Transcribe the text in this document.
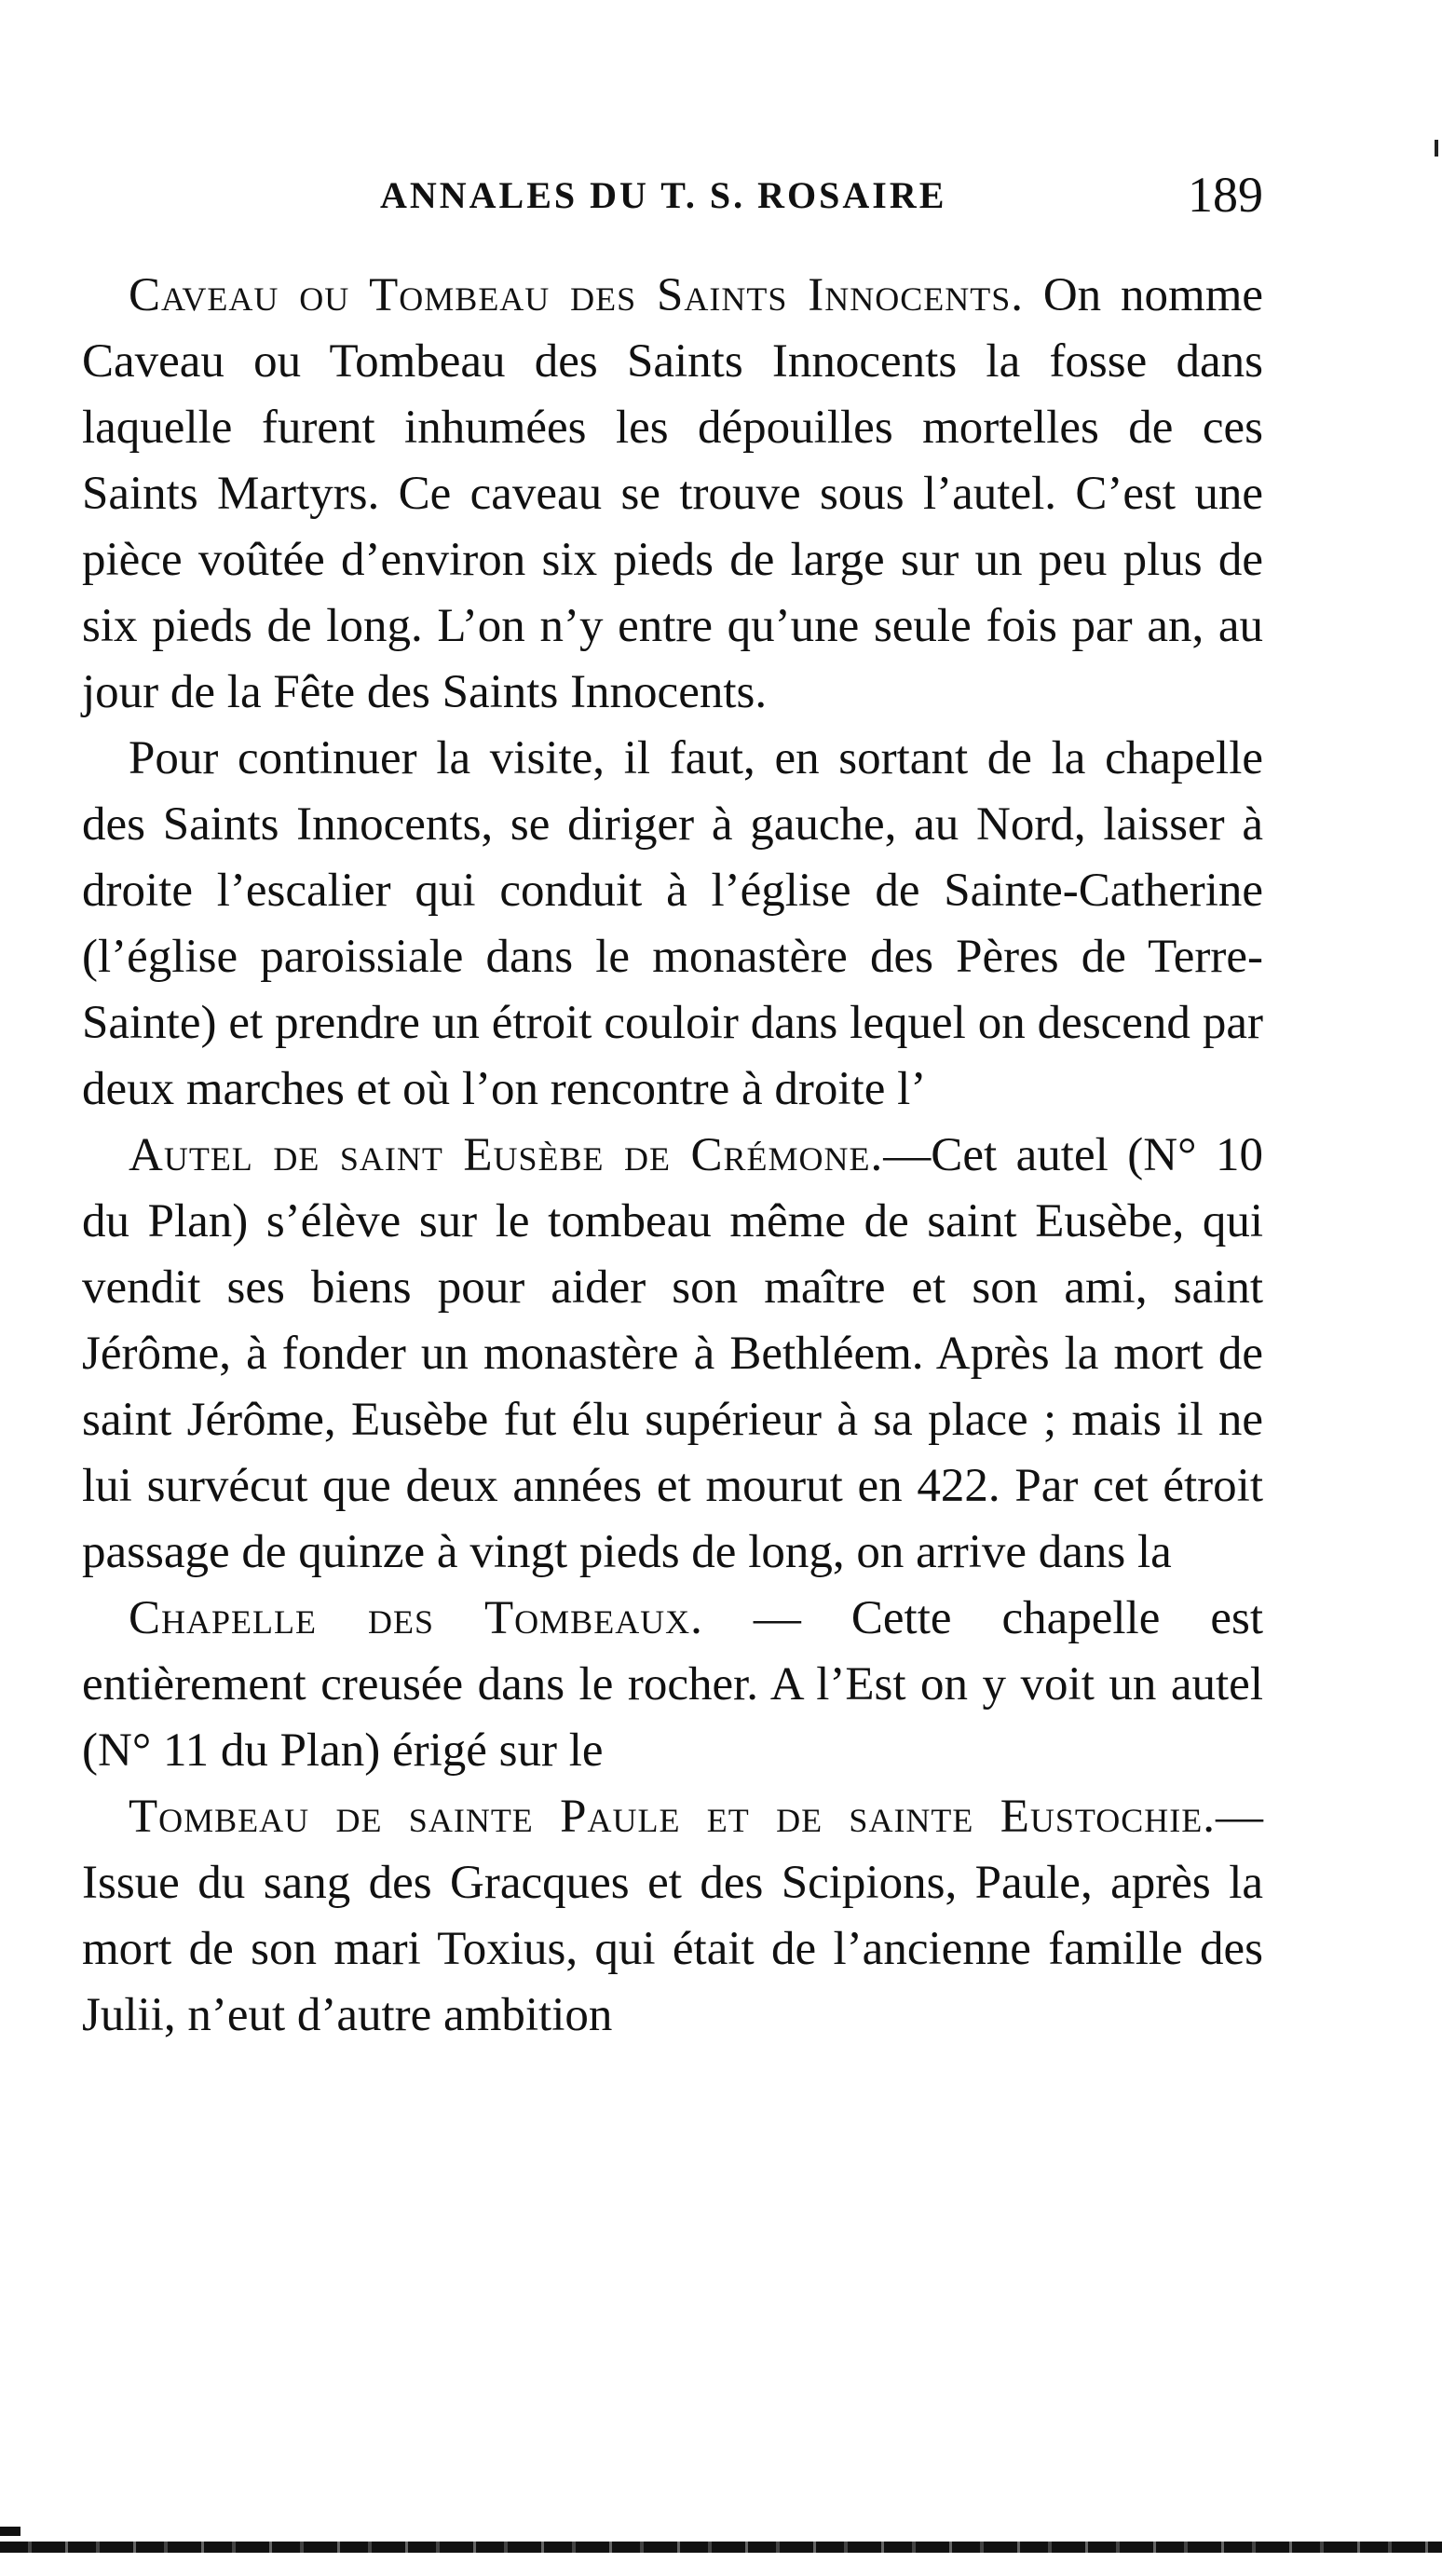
ANNALES DU T. S. ROSAIRE	189

Caveau ou Tombeau des Saints Innocents. On nomme Caveau ou Tombeau des Saints Innocents la fosse dans laquelle furent inhumées les dépouilles mortelles de ces Saints Martyrs. Ce caveau se trouve sous l’autel. C’est une pièce voûtée d’environ six pieds de large sur un peu plus de six pieds de long. L’on n’y entre qu’une seule fois par an, au jour de la Fête des Saints Innocents.

Pour continuer la visite, il faut, en sortant de la chapelle des Saints Innocents, se diriger à gauche, au Nord, laisser à droite l’escalier qui conduit à l’église de Sainte-Catherine (l’église paroissiale dans le monastère des Pères de Terre-Sainte) et prendre un étroit couloir dans lequel on descend par deux marches et où l’on rencontre à droite l’

Autel de saint Eusèbe de Crémone.—Cet autel (N° 10 du Plan) s’élève sur le tombeau même de saint Eusèbe, qui vendit ses biens pour aider son maître et son ami, saint Jérôme, à fonder un monastère à Bethléem. Après la mort de saint Jérôme, Eusèbe fut élu supérieur à sa place ; mais il ne lui survécut que deux années et mourut en 422. Par cet étroit passage de quinze à vingt pieds de long, on arrive dans la

Chapelle des Tombeaux. — Cette chapelle est entièrement creusée dans le rocher. A l’Est on y voit un autel (N° 11 du Plan) érigé sur le

Tombeau de sainte Paule et de sainte Eustochie.—Issue du sang des Gracques et des Scipions, Paule, après la mort de son mari Toxius, qui était de l’ancienne famille des Julii, n’eut d’autre ambition
